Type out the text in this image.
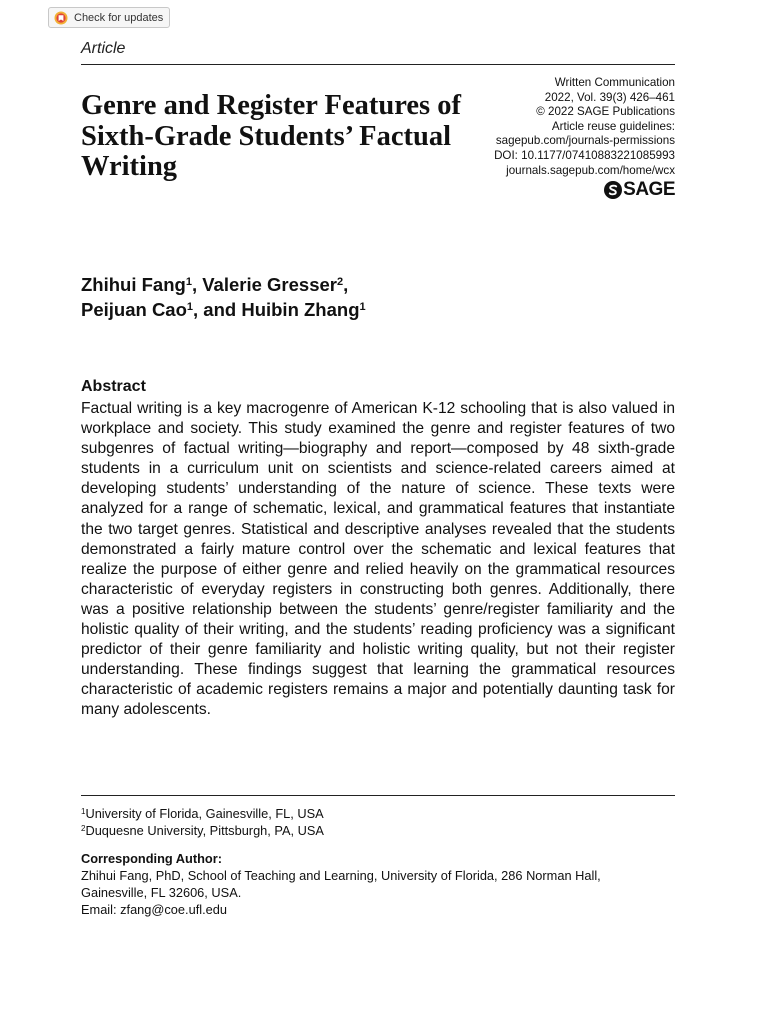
Check for updates
Article
Genre and Register Features of Sixth-Grade Students’ Factual Writing
Written Communication
2022, Vol. 39(3) 426–461
© 2022 SAGE Publications
Article reuse guidelines:
sagepub.com/journals-permissions
DOI: 10.1177/07410883221085993
journals.sagepub.com/home/wcx
SAGE

Zhihui Fang$^1$, Valerie Gresser$^2$,
Peijuan Cao$^1$, and Huibin Zhang$^1$

Abstract

Factual writing is a key macrogenre of American K-12 schooling that is also valued in workplace and society. This study examined the genre and register features of two subgenres of factual writing—biography and report—composed by 48 sixth-grade students in a curriculum unit on scientists and science-related careers aimed at developing students’ understanding of the nature of science. These texts were analyzed for a range of schematic, lexical, and grammatical features that instantiate the two target genres. Statistical and descriptive analyses revealed that the students demonstrated a fairly mature control over the schematic and lexical features that realize the purpose of either genre and relied heavily on the grammatical resources characteristic of everyday registers in constructing both genres. Additionally, there was a positive relationship between the students’ genre/register familiarity and the holistic quality of their writing, and the students’ reading proficiency was a significant predictor of their genre familiarity and holistic writing quality, but not their register understanding. These findings suggest that learning the grammatical resources characteristic of academic registers remains a major and potentially daunting task for many adolescents.

$^1$University of Florida, Gainesville, FL, USA
$^2$Duquesne University, Pittsburgh, PA, USA
Corresponding Author:
Zhihui Fang, PhD, School of Teaching and Learning, University of Florida, 286 Norman Hall,
Gainesville, FL 32606, USA.
Email: zfang@coe.ufl.edu
